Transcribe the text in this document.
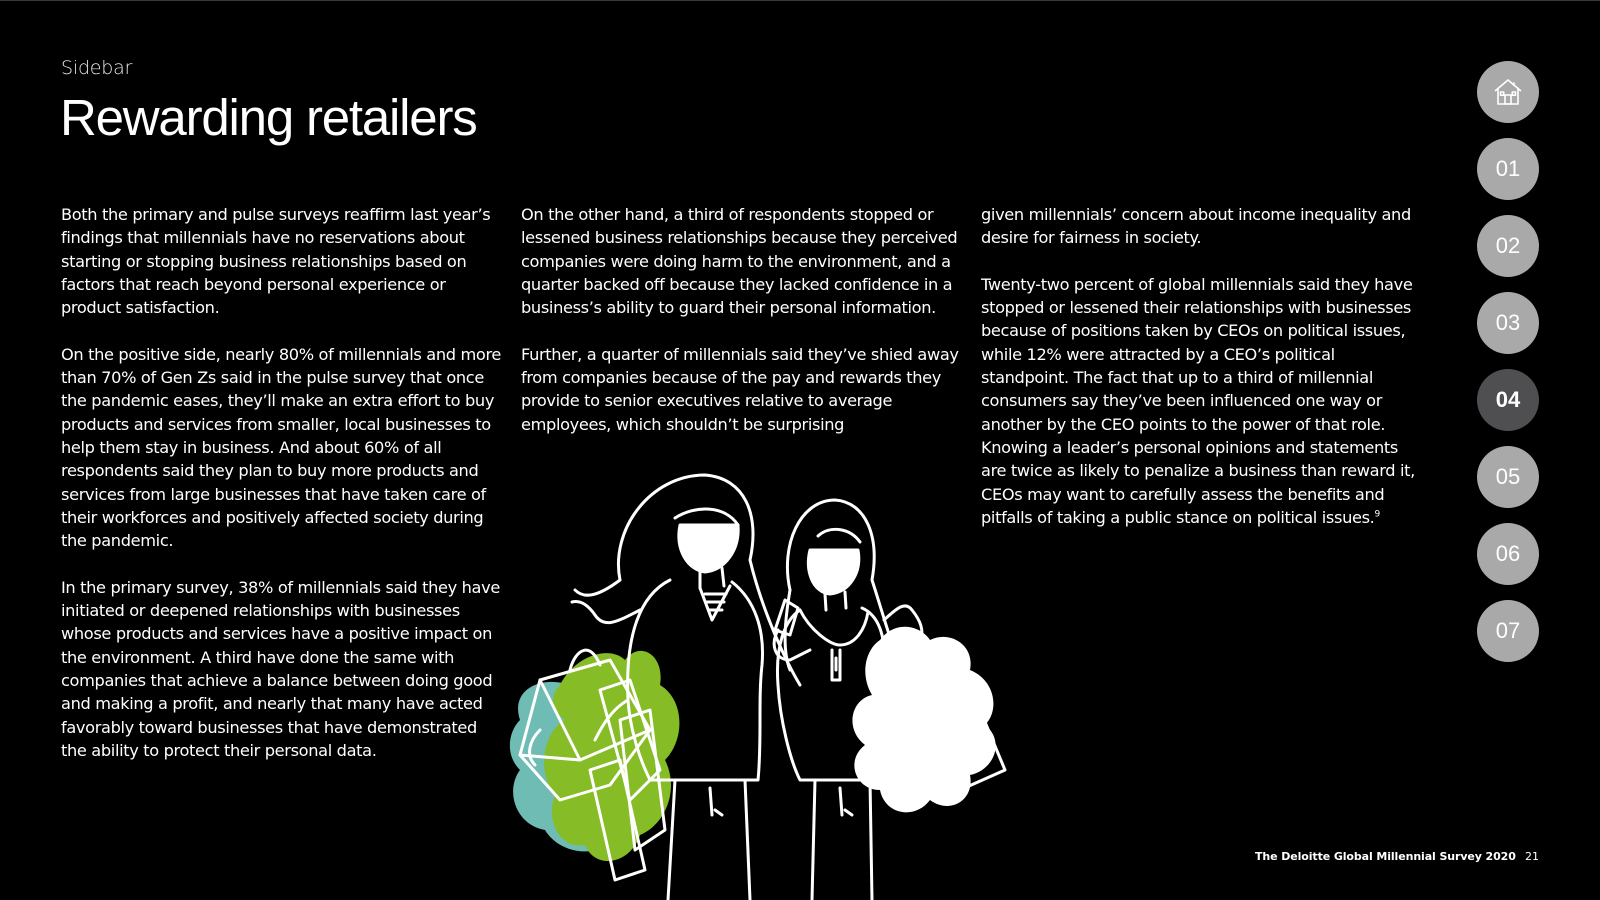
Sidebar
Rewarding retailers

Both the primary and pulse surveys reaffirm last year’s findings that millennials have no reservations about starting or stopping business relationships based on factors that reach beyond personal experience or product satisfaction.

On the positive side, nearly 80% of millennials and more than 70% of Gen Zs said in the pulse survey that once the pandemic eases, they’ll make an extra effort to buy products and services from smaller, local businesses to help them stay in business. And about 60% of all respondents said they plan to buy more products and services from large businesses that have taken care of their workforces and positively affected society during the pandemic.

In the primary survey, 38% of millennials said they have initiated or deepened relationships with businesses whose products and services have a positive impact on the environment. A third have done the same with companies that achieve a balance between doing good and making a profit, and nearly that many have acted favorably toward businesses that have demonstrated the ability to protect their personal data.

On the other hand, a third of respondents stopped or lessened business relationships because they perceived companies were doing harm to the environment, and a quarter backed off because they lacked confidence in a business’s ability to guard their personal information.

Further, a quarter of millennials said they’ve shied away from companies because of the pay and rewards they provide to senior executives relative to average employees, which shouldn’t be surprising

given millennials’ concern about income inequality and desire for fairness in society.

Twenty-two percent of global millennials said they have stopped or lessened their relationships with businesses because of positions taken by CEOs on political issues, while 12% were attracted by a CEO’s political standpoint. The fact that up to a third of millennial consumers say they’ve been influenced one way or another by the CEO points to the power of that role. Knowing a leader’s personal opinions and statements are twice as likely to penalize a business than reward it, CEOs may want to carefully assess the benefits and pitfalls of taking a public stance on political issues.$^9$

01
02
03
04
05
06
07
The Deloitte Global Millennial Survey 2020 21
